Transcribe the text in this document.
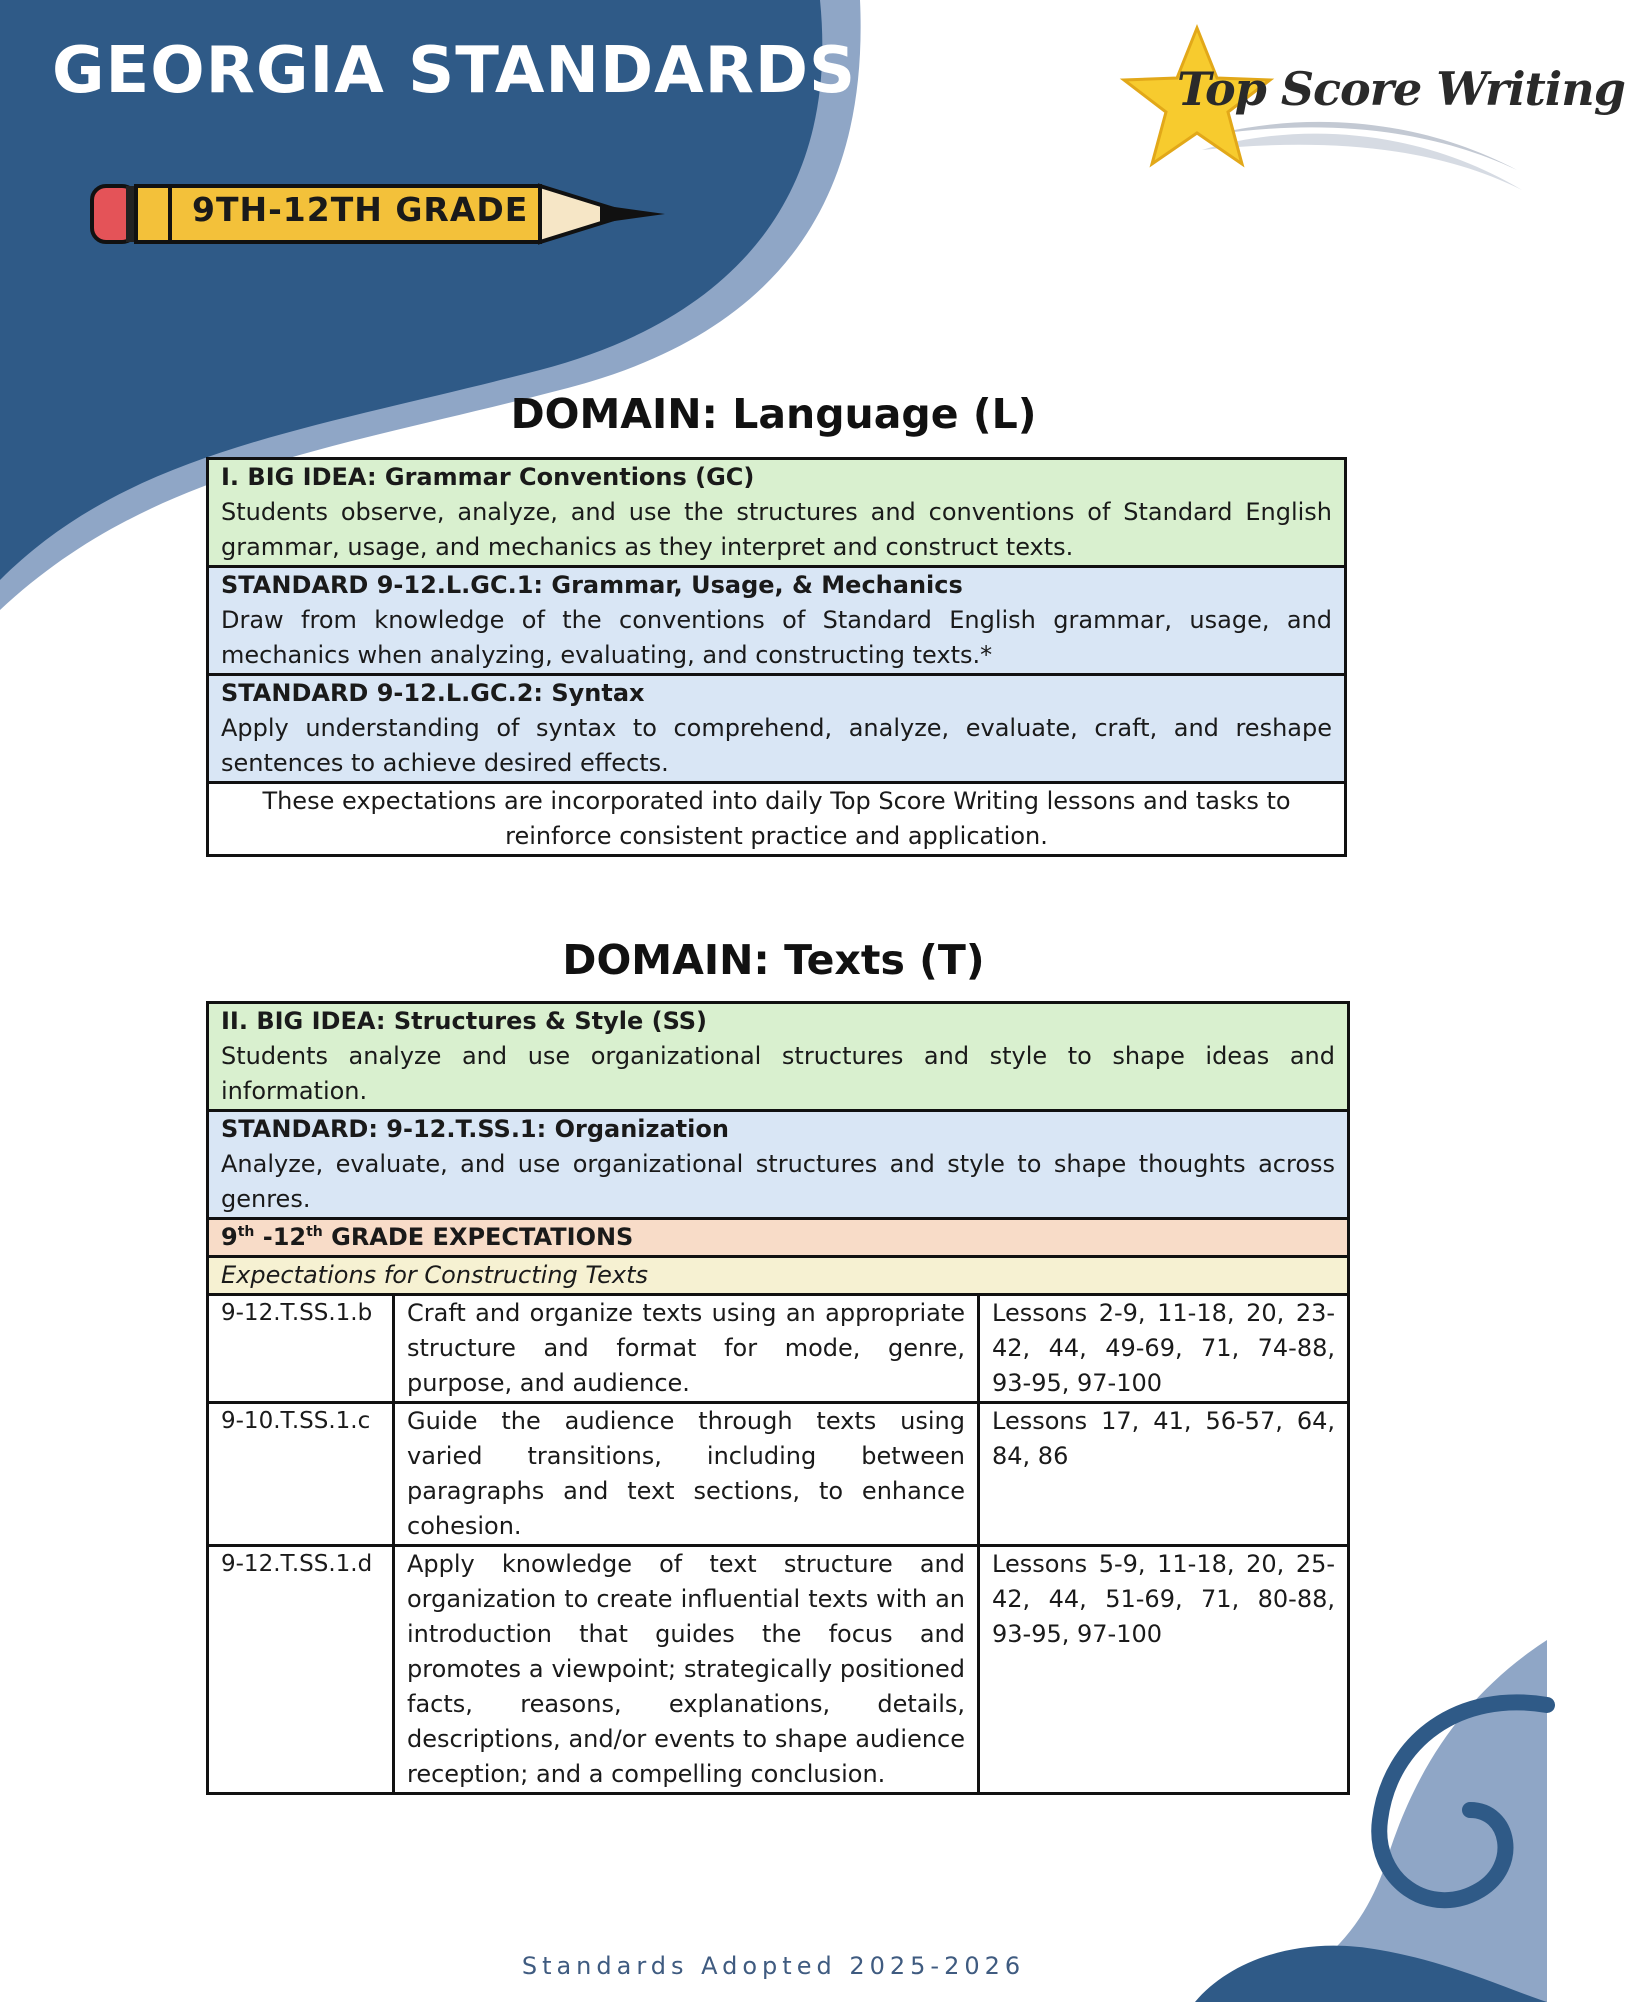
GEORGIA STANDARDS
9TH-12TH GRADE
Top Score Writing
DOMAIN: Language (L)
I. BIG IDEA: Grammar Conventions (GC)
Students observe, analyze, and use the structures and conventions of Standard English grammar, usage, and mechanics as they interpret and construct texts.

STANDARD 9-12.L.GC.1: Grammar, Usage, & Mechanics
Draw from knowledge of the conventions of Standard English grammar, usage, and mechanics when analyzing, evaluating, and constructing texts.*

STANDARD 9-12.L.GC.2: Syntax
Apply understanding of syntax to comprehend, analyze, evaluate, craft, and reshape sentences to achieve desired effects.
These expectations are incorporated into daily Top Score Writing lessons and tasks to reinforce consistent practice and application.
DOMAIN: Texts (T)
II. BIG IDEA: Structures & Style (SS)
Students analyze and use organizational structures and style to shape ideas and information.		

STANDARD: 9-12.T.SS.1: Organization
Analyze, evaluate, and use organizational structures and style to shape thoughts across genres.		
9th -12th GRADE EXPECTATIONS		
Expectations for Constructing Texts		
9-12.T.SS.1.b	Craft and organize texts using an appropriate structure and format for mode, genre, purpose, and audience.	Lessons 2-9, 11-18, 20, 23-42, 44, 49-69, 71, 74-88, 93-95, 97-100
9-10.T.SS.1.c	Guide the audience through texts using varied transitions, including between paragraphs and text sections, to enhance cohesion.	Lessons 17, 41, 56-57, 64, 84, 86
9-12.T.SS.1.d	Apply knowledge of text structure and organization to create influential texts with an introduction that guides the focus and promotes a viewpoint; strategically positioned facts, reasons, explanations, details, descriptions, and/or events to shape audience reception; and a compelling conclusion.	Lessons 5-9, 11-18, 20, 25-42, 44, 51-69, 71, 80-88, 93-95, 97-100
Standards Adopted 2025-2026
